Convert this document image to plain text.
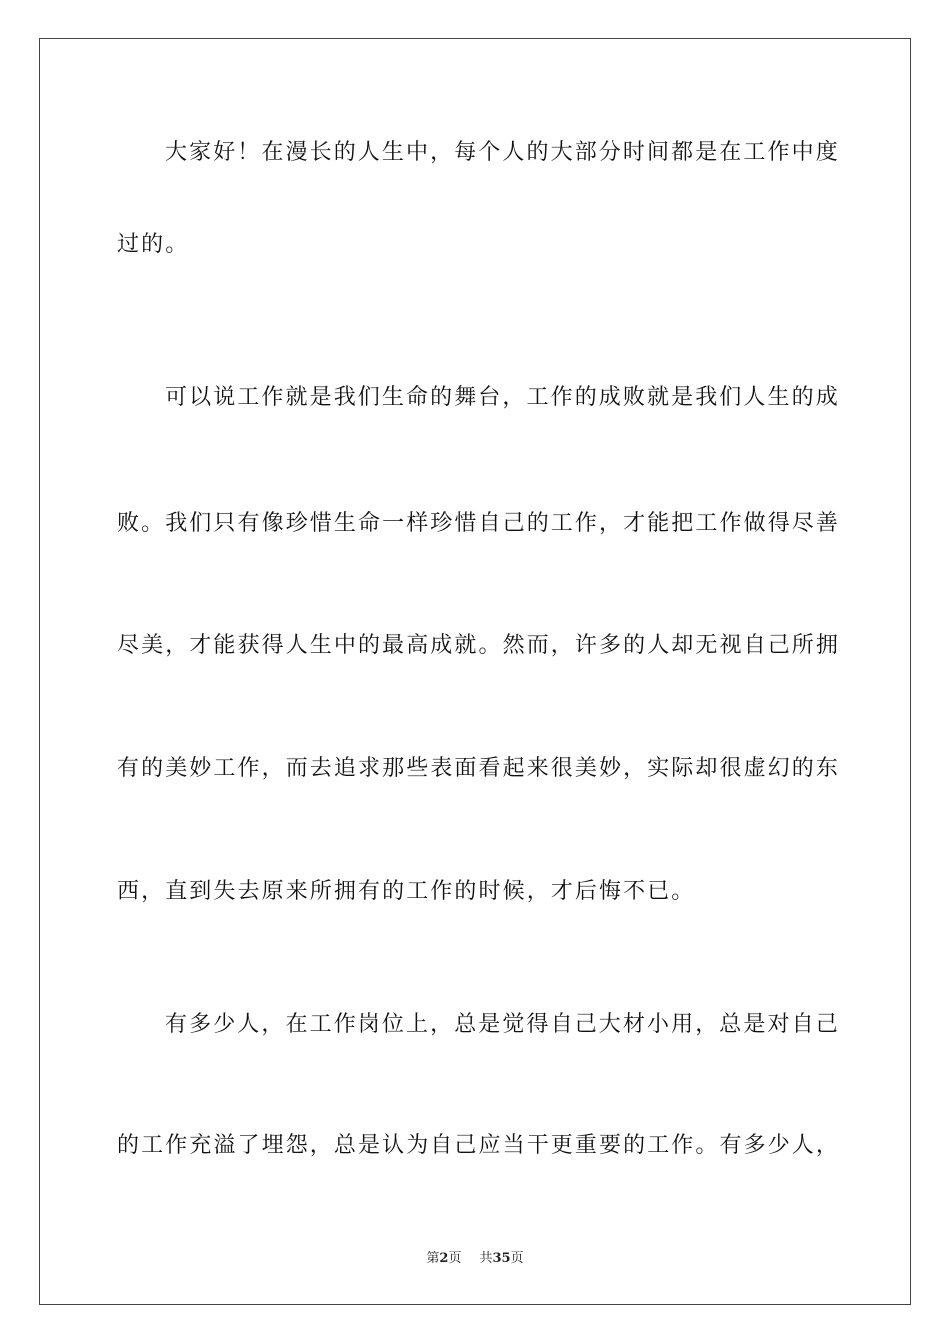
大家好！在漫长的人生中，每个人的大部分时间都是在工作中度
过的。
可以说工作就是我们生命的舞台，工作的成败就是我们人生的成
败。我们只有像珍惜生命一样珍惜自己的工作，才能把工作做得尽善
尽美，才能获得人生中的最高成就。然而，许多的人却无视自己所拥
有的美妙工作，而去追求那些表面看起来很美妙，实际却很虚幻的东
西，直到失去原来所拥有的工作的时候，才后悔不已。
有多少人，在工作岗位上，总是觉得自己大材小用，总是对自己
的工作充溢了埋怨，总是认为自己应当干更重要的工作。有多少人，
第2页 共35页
